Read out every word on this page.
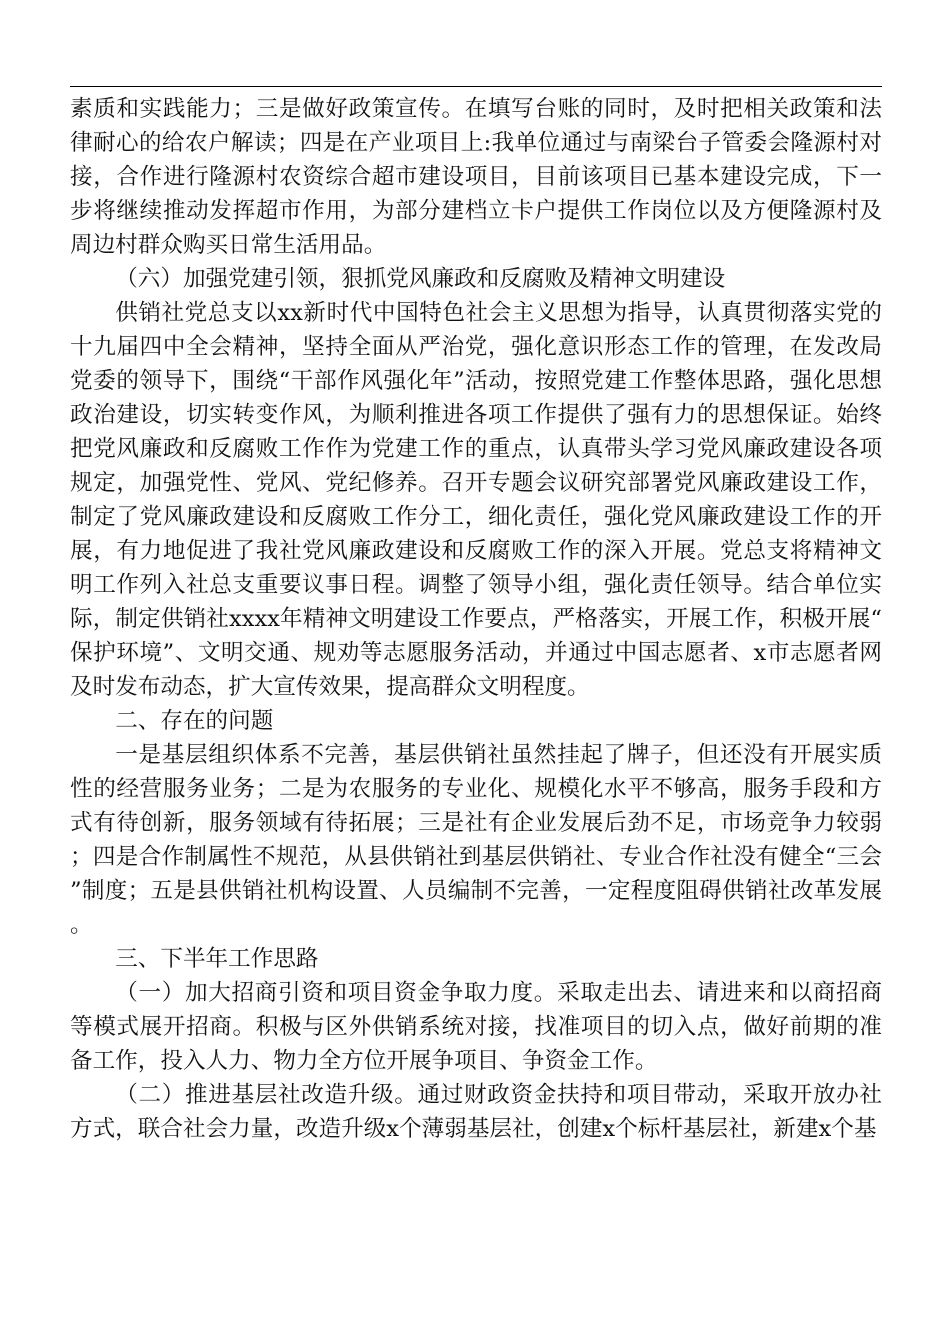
素质和实践能力；三是做好政策宣传。在填写台账的同时，及时把相关政策和法律耐心的给农户解读；四是在产业项目上:我单位通过与南梁台子管委会隆源村对接，合作进行隆源村农资综合超市建设项目，目前该项目已基本建设完成，下一步将继续推动发挥超市作用，为部分建档立卡户提供工作岗位以及方便隆源村及周边村群众购买日常生活用品。

（六）加强党建引领，狠抓党风廉政和反腐败及精神文明建设

供销社党总支以xx新时代中国特色社会主义思想为指导，认真贯彻落实党的十九届四中全会精神，坚持全面从严治党，强化意识形态工作的管理，在发改局党委的领导下，围绕“干部作风强化年”活动，按照党建工作整体思路，强化思想政治建设，切实转变作风，为顺利推进各项工作提供了强有力的思想保证。始终把党风廉政和反腐败工作作为党建工作的重点，认真带头学习党风廉政建设各项规定，加强党性、党风、党纪修养。召开专题会议研究部署党风廉政建设工作，制定了党风廉政建设和反腐败工作分工，细化责任，强化党风廉政建设工作的开展，有力地促进了我社党风廉政建设和反腐败工作的深入开展。党总支将精神文明工作列入社总支重要议事日程。调整了领导小组，强化责任领导。结合单位实际，制定供销社xxxx年精神文明建设工作要点，严格落实，开展工作，积极开展“保护环境”、文明交通、规劝等志愿服务活动，并通过中国志愿者、x市志愿者网及时发布动态，扩大宣传效果，提高群众文明程度。

二、存在的问题

一是基层组织体系不完善，基层供销社虽然挂起了牌子，但还没有开展实质性的经营服务业务；二是为农服务的专业化、规模化水平不够高，服务手段和方式有待创新，服务领域有待拓展；三是社有企业发展后劲不足，市场竞争力较弱；四是合作制属性不规范，从县供销社到基层供销社、专业合作社没有健全“三会”制度；五是县供销社机构设置、人员编制不完善，一定程度阻碍供销社改革发展。

三、下半年工作思路

（一）加大招商引资和项目资金争取力度。采取走出去、请进来和以商招商等模式展开招商。积极与区外供销系统对接，找准项目的切入点，做好前期的准备工作，投入人力、物力全方位开展争项目、争资金工作。

（二）推进基层社改造升级。通过财政资金扶持和项目带动，采取开放办社方式，联合社会力量，改造升级x个薄弱基层社，创建x个标杆基层社，新建x个基
